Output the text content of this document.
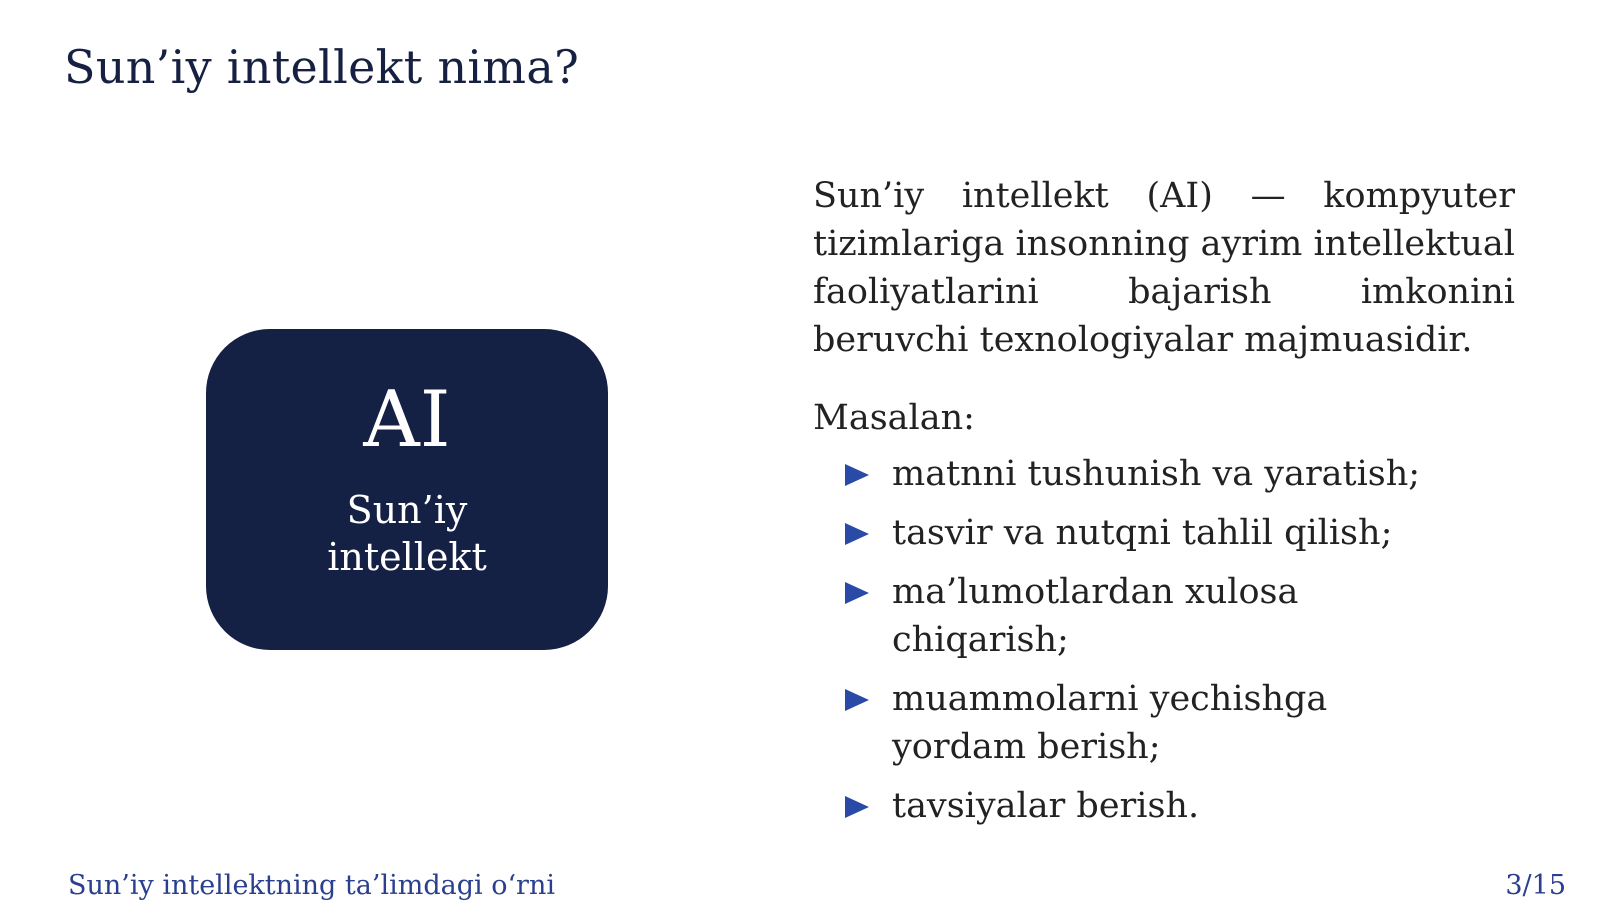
Sun’iy intellekt nima?
AI
Sun’iy
intellekt

Sun’iy intellekt (AI) — kompyuter tizimlariga insonning ayrim intellektual faoliyatlarini bajarish imkonini beruvchi texnologiyalar majmuasidir.

Masalan:

matnni tushunish va yaratish;
tasvir va nutqni tahlil qilish;
ma’lumotlardan xulosa chiqarish;
muammolarni yechishga yordam berish;
tavsiyalar berish.
Sun’iy intellektning ta’limdagi o‘rni	3/15
